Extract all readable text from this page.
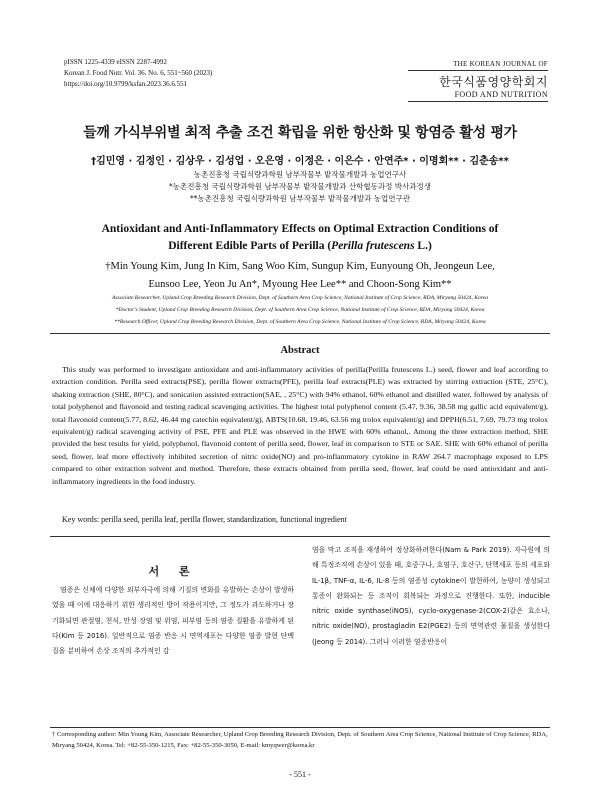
pISSN 1225-4339 eISSN 2287-4992
Korean J. Food Nutr. Vol. 36. No. 6, 551~560 (2023)
https://doi.org/10.9799/ksfan.2023.36.6.551
THE KOREAN JOURNAL OF
한국식품영양학회지
FOOD AND NUTRITION
들깨 가식부위별 최적 추출 조건 확립을 위한 항산화 및 항염증 활성 평가
†김민영 · 김정인 · 김상우 · 김성업 · 오은영 · 이정은 · 이은수 · 안연주* · 이명회** · 김춘송**
농촌진흥청 국립식량과학원 남부작물부 밭작물개발과 농업연구사
*농촌진흥청 국립식량과학원 남부작물부 밭작물개발과 산학협동과정 박사과정생
**농촌진흥청 국립식량과학원 남부작물부 밭작물개발과 농업연구관
Antioxidant and Anti-Inflammatory Effects on Optimal Extraction Conditions of
Different Edible Parts of Perilla (Perilla frutescens L.)
†Min Young Kim, Jung In Kim, Sang Woo Kim, Sungup Kim, Eunyoung Oh, Jeongeun Lee,
Eunsoo Lee, Yeon Ju An*, Myoung Hee Lee** and Choon-Song Kim**
Associate Researcher, Upland Crop Breeding Research Division, Dept. of Southern Area Crop Science, National Institute of Crop Science, RDA, Miryang 50424, Korea
*Doctor's Student, Upland Crop Breeding Research Division, Dept. of Southern Area Crop Science, National Institute of Crop Science, RDA, Miryang 50424, Korea
**Research Officer, Upland Crop Breeding Research Division, Dept. of Southern Area Crop Science, National Institute of Crop Science, RDA, Miryang 50424, Korea
Abstract
This study was performed to investigate antioxidant and anti-inflammatory activities of perilla(Perilla frutescens L.) seed, flower and leaf according to extraction condition. Perilla seed extracts(PSE), perilla flower extracts(PFE), perilla leaf extracts(PLE) was extracted by stirring extraction (STE, 25°C), shaking extraction (SHE, 80°C), and sonication assisted extraction(SAE, , 25°C) with 94% ethanol, 60% ethanol and distilled water, followed by analysis of total polyphenol and flavonoid and testing radical scavenging activities. The highest total polyphenol content (5.47, 9.36, 38.58 mg gallic acid equivalent/g), total flavonoid content(5.77, 8.62, 46.44 mg catechin equivalent/g), ABTS(10.68, 19.46, 63.56 mg trolox equivalent/g) and DPPH(6.51, 7.69, 79.73 mg trolox equivalent/g) radical scavenging activity of PSE, PFE and PLE was observed in the HWE with 60% ethanol,. Among the three extraction method, SHE provided the best results for yield, polyphenol, flavonoid content of perilla seed, flower, leaf in comparison to STE or SAE. SHE with 60% ethanol of perilla seed, flower, leaf more effectively inhibited secretion of nitric oxide(NO) and pro-inflammatory cytokine in RAW 264.7 macrophage exposed to LPS compared to other extraction solvent and method. Therefore, these extracts obtained from perilla seed, flower, leaf could be used antioxidant and anti-inflammatory ingredients in the food industry.
Key words: perilla seed, perilla leaf, perilla flower, standardization, functional ingredient
서 론
염증은 신체에 다양한 외부자극에 의해 기질의 변화를 유발하는 손상이 발생하였을 때 이에 대응하기 위한 생리적인 방어 작용이지만, 그 정도가 과도하거나 장기화되면 관절염, 천식, 만성 장염 및 위염, 피부염 등의 염증 질환을 유발하게 된다(Kim 등 2016). 일반적으로 염증 반응 시 면역세포는 다양한 염증 발현 단백질을 분비하여 손상 조직의 추가적인 감
염을 막고 조직을 재생하여 정상화하려한다(Nam & Park 2019). 자극원에 의해 특정조직에 손상이 있을 때, 호중구나, 호염구, 호산구, 단핵세포 등의 세포와 IL-1β, TNF-α, IL-6, IL-8 등의 염증성 cytokine이 발현하여, 농양이 생성되고 통증이 완화되는 등 조직이 회복되는 과정으로 진행한다. 또한, inducible nitric oxide synthase(iNOS), cyclo-oxygenase-2(COX-2)같은 효소나, nitric oxide(NO), prostagladin E2(PGE2) 등의 면역관련 물질을 생성한다(Jeong 등 2014). 그러나 이러한 염증반응이
† Corresponding author: Min Young Kim, Associate Researcher, Upland Crop Breeding Research Division, Dept. of Southern Area Crop Science, National Institute of Crop Science, RDA, Miryang 50424, Korea. Tel: +82-55-350-1215, Fax: +82-55-350-3050, E-mail: kmyqwer@korea.kr
- 551 -
